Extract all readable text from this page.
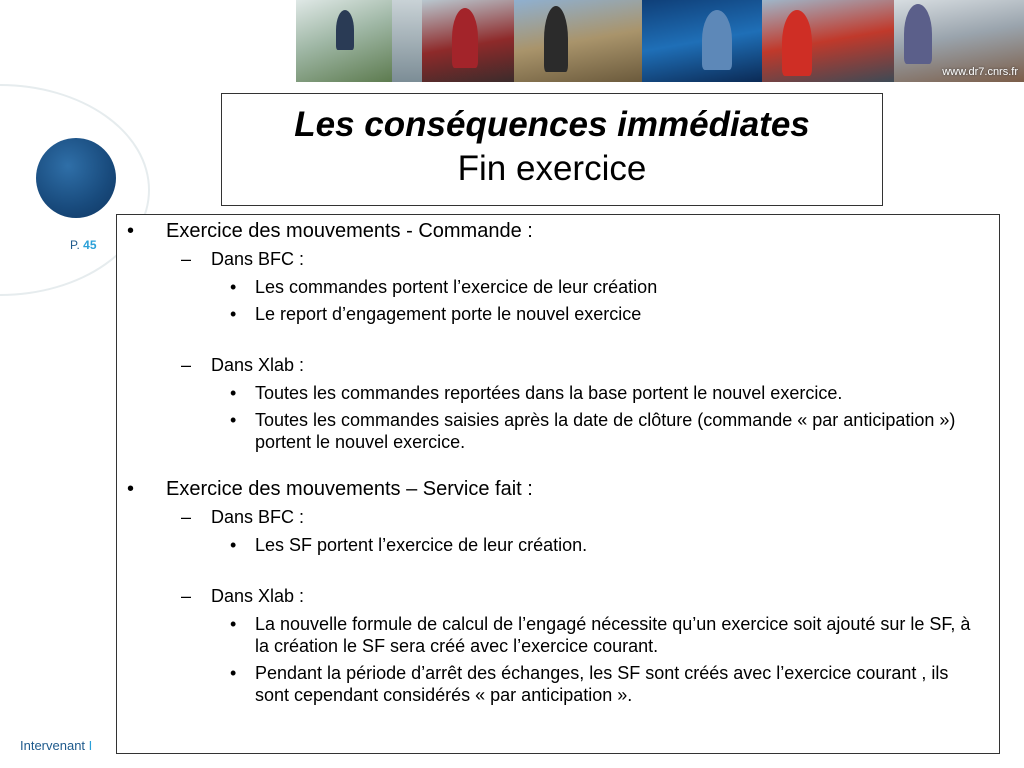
www.dr7.cnrs.fr
P. 45
Les conséquences immédiates
Fin exercice
• Exercice des mouvements - Commande :
– Dans BFC :
• Les commandes portent l’exercice de leur création
• Le report d’engagement porte le nouvel exercice
– Dans Xlab :
• Toutes les commandes reportées dans la base portent le nouvel exercice.
• Toutes les commandes saisies après la date de clôture (commande « par anticipation ») portent le nouvel exercice.
• Exercice des mouvements – Service fait :
– Dans BFC :
• Les SF portent l’exercice de leur création.
– Dans Xlab :
• La nouvelle formule de calcul de l’engagé nécessite qu’un exercice soit ajouté sur le SF, à la création le SF sera créé avec l’exercice courant.
• Pendant la période d’arrêt des échanges, les SF sont créés avec l’exercice courant , ils sont cependant considérés « par anticipation ».
Intervenant I
